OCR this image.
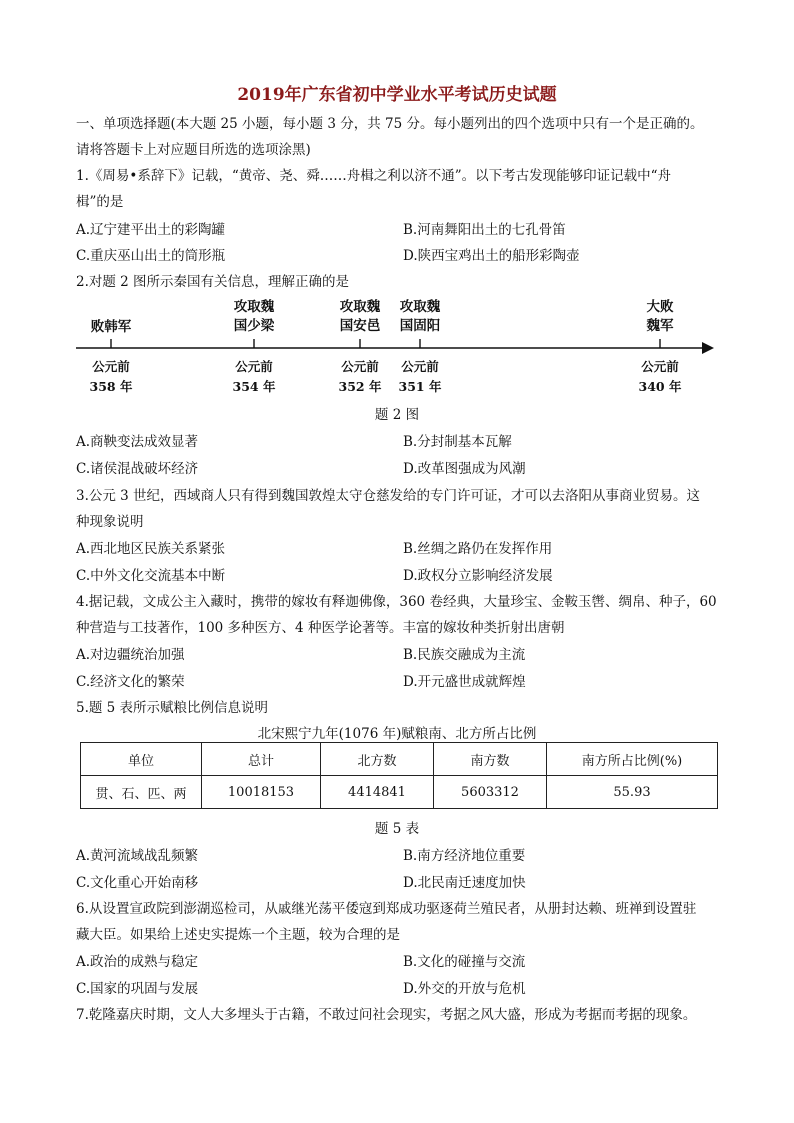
2019年广东省初中学业水平考试历史试题
一、单项选择题(本大题 25 小题，每小题 3 分，共 75 分。每小题列出的四个选项中只有一个是正确的。
请将答题卡上对应题目所选的选项涂黑)
1.《周易•系辞下》记载，“黄帝、尧、舜……舟楫之利以济不通”。以下考古发现能够印证记载中“舟
楫”的是
A.辽宁建平出土的彩陶罐	B.河南舞阳出土的七孔骨笛
C.重庆巫山出土的筒形瓶	D.陕西宝鸡出土的船形彩陶壶
2.对题 2 图所示秦国有关信息，理解正确的是
败韩军
攻取魏
国少梁
攻取魏
国安邑
攻取魏
国固阳
大败
魏军
公元前
358 年
公元前
354 年
公元前
352 年
公元前
351 年
公元前
340 年
题 2 图
A.商鞅变法成效显著	B.分封制基本瓦解
C.诸侯混战破坏经济	D.改革图强成为风潮
3.公元 3 世纪，西域商人只有得到魏国敦煌太守仓慈发给的专门许可证，才可以去洛阳从事商业贸易。这
种现象说明
A.西北地区民族关系紧张	B.丝绸之路仍在发挥作用
C.中外文化交流基本中断	D.政权分立影响经济发展
4.据记载，文成公主入藏时，携带的嫁妆有释迦佛像，360 卷经典，大量珍宝、金鞍玉辔、绸帛、种子，60
种营造与工技著作，100 多种医方、4 种医学论著等。丰富的嫁妆种类折射出唐朝
A.对边疆统治加强	B.民族交融成为主流
C.经济文化的繁荣	D.开元盛世成就辉煌
5.题 5 表所示赋粮比例信息说明
北宋熙宁九年(1076 年)赋粮南、北方所占比例
单位	总计	北方数	南方数	南方所占比例(%)
贯、石、匹、两	10018153	4414841	5603312	55.93
题 5 表
A.黄河流域战乱频繁	B.南方经济地位重要
C.文化重心开始南移	D.北民南迁速度加快
6.从设置宣政院到澎湖巡检司，从戚继光荡平倭寇到郑成功驱逐荷兰殖民者，从册封达赖、班禅到设置驻
藏大臣。如果给上述史实提炼一个主题，较为合理的是
A.政治的成熟与稳定	B.文化的碰撞与交流
C.国家的巩固与发展	D.外交的开放与危机
7.乾隆嘉庆时期，文人大多埋头于古籍，不敢过问社会现实，考据之风大盛，形成为考据而考据的现象。
